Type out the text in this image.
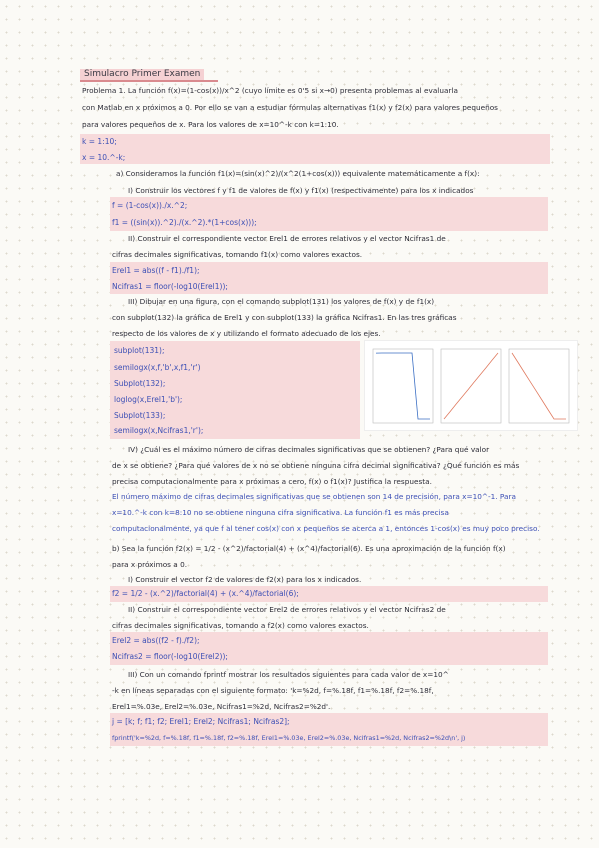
Simulacro Primer Examen
Problema 1. La función f(x)=(1-cos(x))/x^2 (cuyo límite es 0'5 si x→0) presenta problemas al evaluarla
con Matlab en x próximos a 0. Por ello se van a estudiar fórmulas alternativas f1(x) y f2(x) para valores pequeños
para valores pequeños de x. Para los valores de x=10^-k con k=1:10.
k = 1:10;
x = 10.^-k;
a) Consideramos la función f1(x)=(sin(x)^2)/(x^2(1+cos(x))) equivalente matemáticamente a f(x):
I) Construir los vectores f y f1 de valores de f(x) y f1(x) (respectivamente) para los x indicados
f = (1-cos(x))./x.^2;
f1 = ((sin(x)).^2)./(x.^2).*(1+cos(x)));
II) Construir el correspondiente vector Erel1 de errores relativos y el vector Ncifras1 de
cifras decimales significativas, tomando f1(x) como valores exactos.
Erel1 = abs((f - f1)./f1);
Ncifras1 = floor(-log10(Erel1));
III) Dibujar en una figura, con el comando subplot(131) los valores de f(x) y de f1(x)
con subplot(132) la gráfica de Erel1 y con subplot(133) la gráfica Ncifras1. En las tres gráficas
respecto de los valores de x y utilizando el formato adecuado de los ejes.
subplot(131);
semilogx(x,f,'b',x,f1,'r')
Subplot(132);
loglog(x,Erel1,'b');
Subplot(133);
semilogx(x,Ncifras1,'r');
IV) ¿Cuál es el máximo número de cifras decimales significativas que se obtienen? ¿Para qué valor
de x se obtiene? ¿Para qué valores de x no se obtiene ninguna cifra decimal significativa? ¿Qué función es más
precisa computacionalmente para x próximas a cero, f(x) o f1(x)? Justifica la respuesta.
El número máximo de cifras decimales significativas que se obtienen son 14 de precisión, para x=10^-1. Para
x=10.^-k con k=8:10 no se obtiene ninguna cifra significativa. La función f1 es más precisa
computacionalmente, ya que f al tener cos(x) con x pequeños se acerca a 1, entonces 1-cos(x) es muy poco preciso.
b) Sea la función f2(x) = 1/2 - (x^2)/factorial(4) + (x^4)/factorial(6). Es una aproximación de la función f(x)
para x próximos a 0.
I) Construir el vector f2 de valores de f2(x) para los x indicados.
f2 = 1/2 - (x.^2)/factorial(4) + (x.^4)/factorial(6);
II) Construir el correspondiente vector Erel2 de errores relativos y el vector Ncifras2 de
cifras decimales significativas, tomando a f2(x) como valores exactos.
Erel2 = abs((f2 - f)./f2);
Ncifras2 = floor(-log10(Erel2));
III) Con un comando fprintf mostrar los resultados siguientes para cada valor de x=10^
-k en líneas separadas con el siguiente formato: 'k=%2d, f=%.18f, f1=%.18f, f2=%.18f,
Erel1=%.03e, Erel2=%.03e, Ncifras1=%2d, Ncifras2=%2d'.
j = [k; f; f1; f2; Erel1; Erel2; Ncifras1; Ncifras2];
fprintf('k=%2d, f=%.18f, f1=%.18f, f2=%.18f, Erel1=%.03e, Erel2=%.03e, Ncifras1=%2d, Ncifras2=%2d\n', j)
